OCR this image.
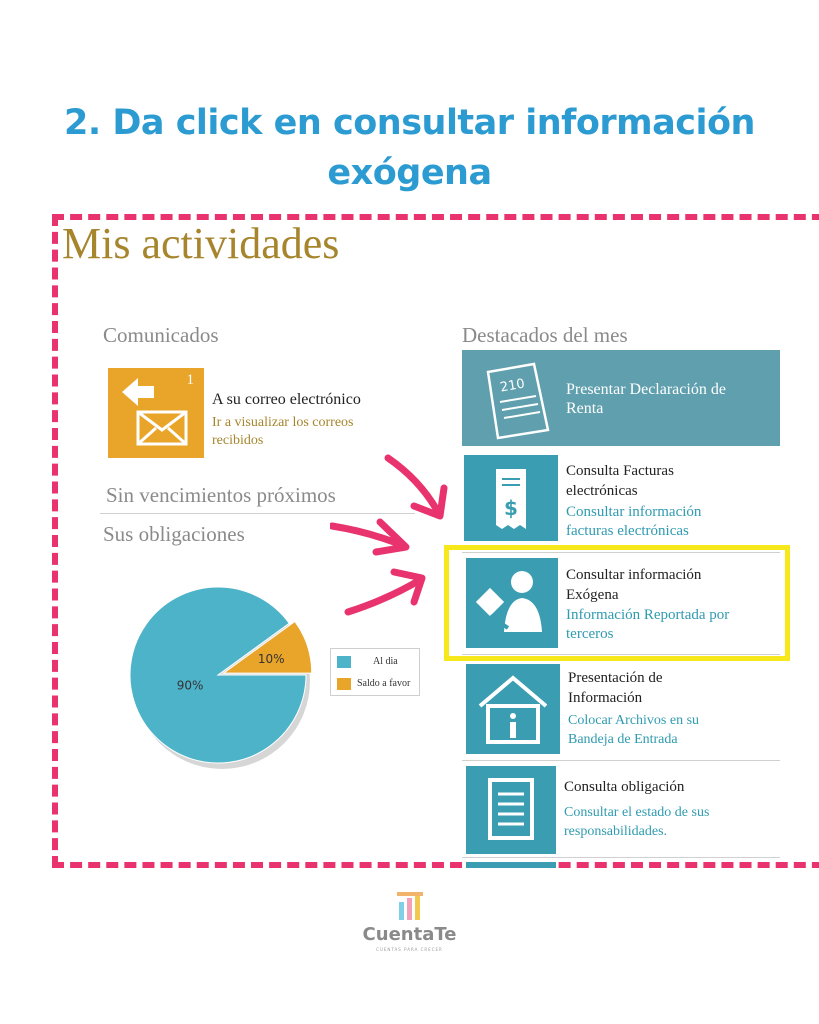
2. Da click en consultar información
exógena
Mis actividades
Comunicados
1
A su correo electrónico
Ir a visualizar los correos
recibidos
Sin vencimientos próximos
Sus obligaciones
10%
90%
Al dia
Saldo a favor
Destacados del mes
210	Presentar Declaración de
Renta
$
Consulta Facturas
electrónicas
Consultar información
facturas electrónicas
Consultar información
Exógena
Información Reportada por
terceros
Presentación de
Información
Colocar Archivos en su
Bandeja de Entrada
Consulta obligación
Consultar el estado de sus
responsabilidades.
CuentaTe
CUENTAS PARA CRECER
